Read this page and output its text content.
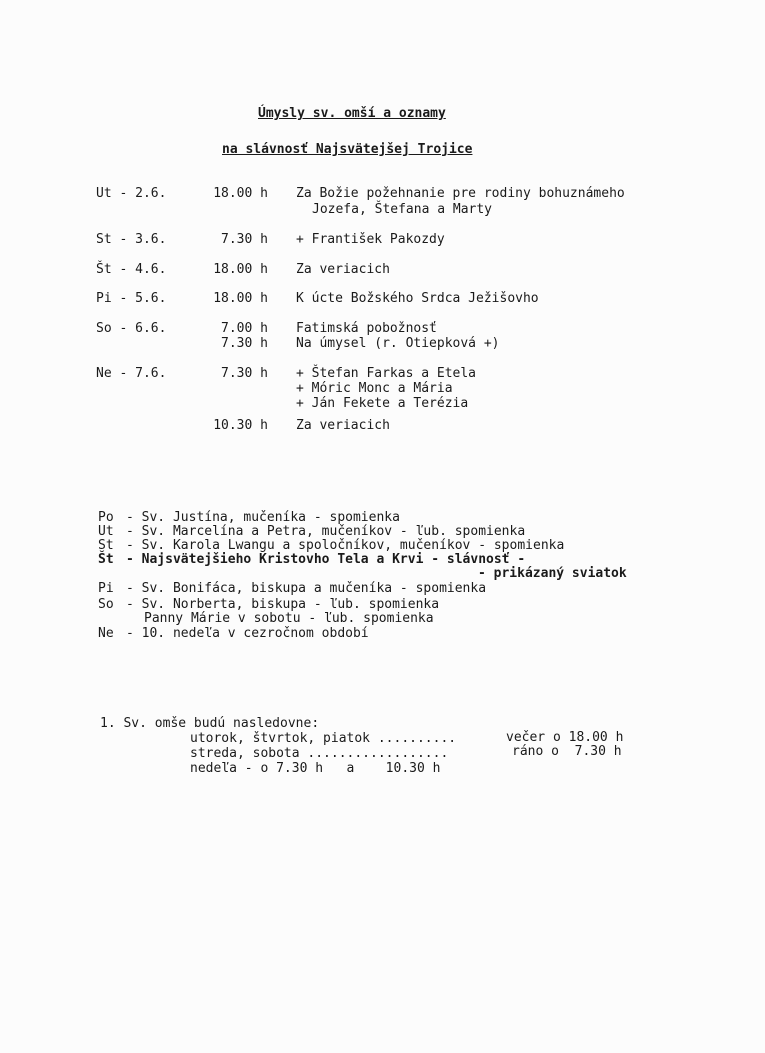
Úmysly sv. omší a oznamy
na slávnosť Najsvätejšej Trojice
Ut - 2.6.	18.00 h Za Božie požehnanie pre rodiny bohuznámeho
Jozefa, Štefana a Marty
St - 3.6.	7.30 h + František Pakozdy
Št - 4.6.	18.00 h Za veriacich
Pi - 5.6.	18.00 h K úcte Božského Srdca Ježišovho
So - 6.6.	7.00 h Fatimská pobožnosť
7.30 h Na úmysel (r. Otiepková +)
Ne - 7.6.	7.30 h + Štefan Farkas a Etela
+ Móric Monc a Mária
+ Ján Fekete a Terézia
10.30 h Za veriacich
Po - Sv. Justína, mučeníka - spomienka
Ut - Sv. Marcelína a Petra, mučeníkov - ľub. spomienka
St - Sv. Karola Lwangu a spoločníkov, mučeníkov - spomienka
Št - Najsvätejšieho Kristovho Tela a Krvi - slávnosť -
- prikázaný sviatok
Pi - Sv. Bonifáca, biskupa a mučeníka - spomienka
So - Sv. Norberta, biskupa - ľub. spomienka
Panny Márie v sobotu - ľub. spomienka
Ne - 10. nedeľa v cezročnom období
1. Sv. omše budú nasledovne:
utorok, štvrtok, piatok ..........	večer o 18.00 h
streda, sobota ..................	ráno o  7.30 h
nedeľa - o 7.30 h   a    10.30 h
